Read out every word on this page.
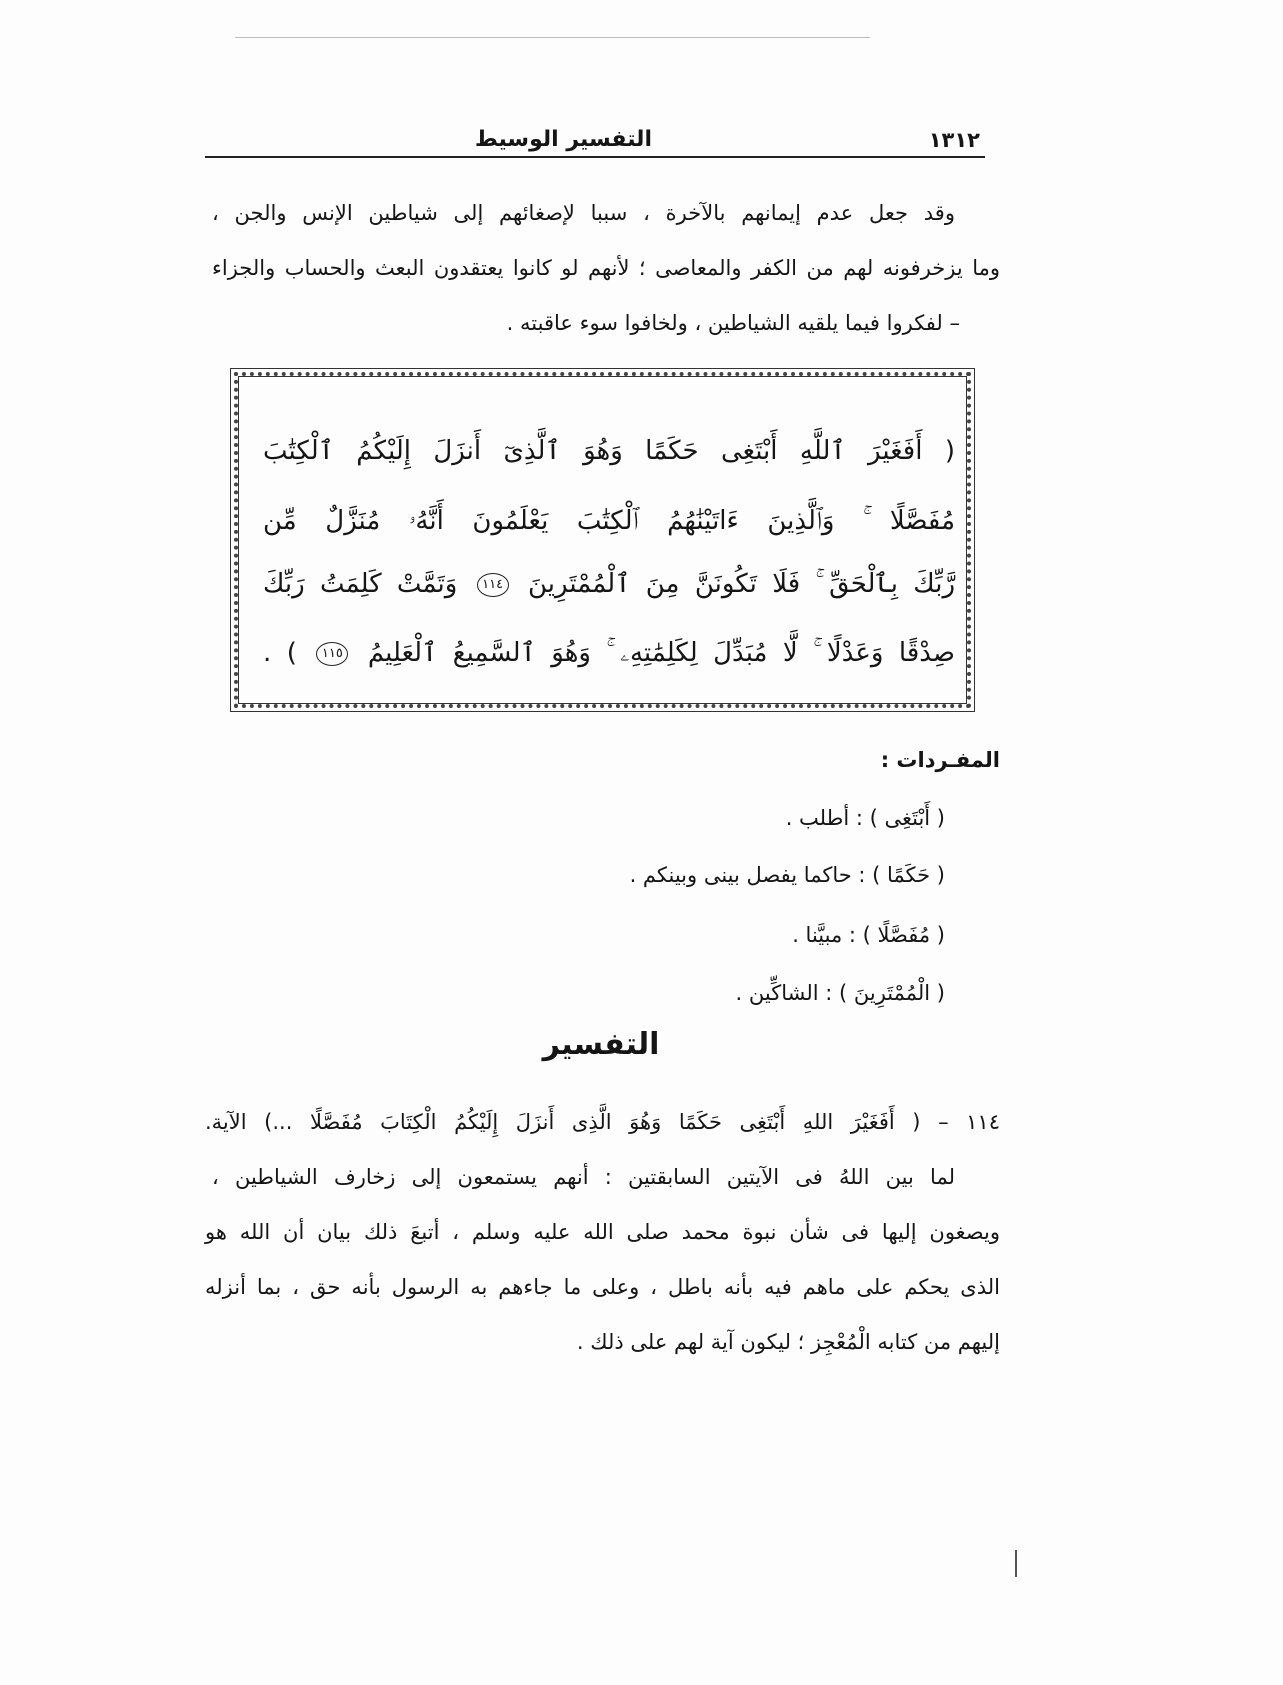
١٣١٢
التفسير الوسيط
وقد جعل عدم إيمانهم بالآخرة ، سببا لإصغائهم إلى شياطين الإنس والجن ،
وما يزخرفونه لهم من الكفر والمعاصى ؛ لأنهم لو كانوا يعتقدون البعث والحساب والجزاء
– لفكروا فيما يلقيه الشياطين ، ولخافوا سوء عاقبته .
( أَفَغَيْرَ ٱللَّهِ أَبْتَغِى حَكَمًا وَهُوَ ٱلَّذِىٓ أَنزَلَ إِلَيْكُمُ ٱلْكِتَٰبَ
مُفَصَّلًا ۚ وَٱلَّذِينَ ءَاتَيْنَٰهُمُ ٱلْكِتَٰبَ يَعْلَمُونَ أَنَّهُۥ مُنَزَّلٌ مِّن
رَّبِّكَ بِٱلْحَقِّ ۚ فَلَا تَكُونَنَّ مِنَ ٱلْمُمْتَرِينَ ١١٤ وَتَمَّتْ كَلِمَتُ رَبِّكَ
صِدْقًا وَعَدْلًا ۚ لَّا مُبَدِّلَ لِكَلِمَٰتِهِۦ ۚ وَهُوَ ٱلسَّمِيعُ ٱلْعَلِيمُ ١١٥ ) .
المفـردات :
( أَبْتَغِى ) : أطلب .
( حَكَمًا ) : حاكما يفصل بينى وبينكم .
( مُفَصَّلًا ) : مبيَّنا .
( الْمُمْتَرِينَ ) : الشاكِّين .
التفسير
١١٤ – ( أَفَغَيْرَ اللهِ أَبْتَغِى حَكَمًا وَهُوَ الَّذِى أَنزَلَ إِلَيْكُمُ الْكِتَابَ مُفَصَّلًا ...) الآية.
لما بين اللهُ فى الآيتين السابقتين : أنهم يستمعون إلى زخارف الشياطين ،
ويصغون إليها فى شأن نبوة محمد صلى الله عليه وسلم ، أتبعَ ذلك بيان أن الله هو
الذى يحكم على ماهم فيه بأنه باطل ، وعلى ما جاءهم به الرسول بأنه حق ، بما أنزله
إليهم من كتابه الْمُعْجِز ؛ ليكون آية لهم على ذلك .
